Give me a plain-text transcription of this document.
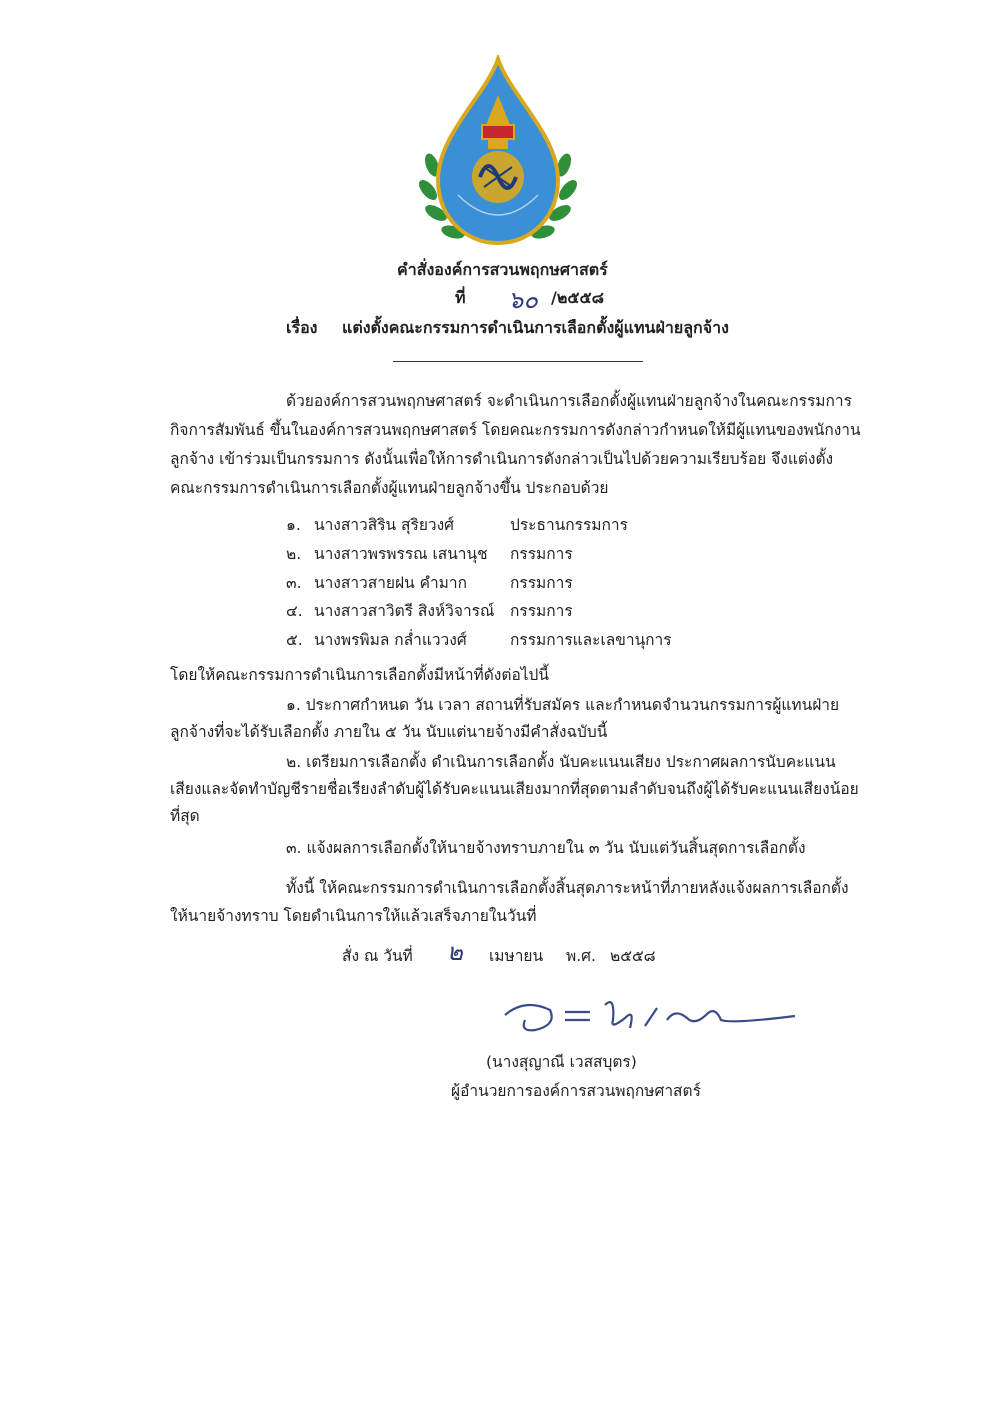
คำสั่งองค์การสวนพฤกษศาสตร์
ที่ ๖๐ /๒๕๕๘
เรื่อง แต่งตั้งคณะกรรมการดำเนินการเลือกตั้งผู้แทนฝ่ายลูกจ้าง
ด้วยองค์การสวนพฤกษศาสตร์ จะดำเนินการเลือกตั้งผู้แทนฝ่ายลูกจ้างในคณะกรรมการ
กิจการสัมพันธ์ ขึ้นในองค์การสวนพฤกษศาสตร์ โดยคณะกรรมการดังกล่าวกำหนดให้มีผู้แทนของพนักงาน
ลูกจ้าง เข้าร่วมเป็นกรรมการ ดังนั้นเพื่อให้การดำเนินการดังกล่าวเป็นไปด้วยความเรียบร้อย จึงแต่งตั้ง
คณะกรรมการดำเนินการเลือกตั้งผู้แทนฝ่ายลูกจ้างขึ้น ประกอบด้วย
๑. นางสาวสิริน สุริยวงศ์	ประธานกรรมการ
๒. นางสาวพรพรรณ เสนานุช กรรมการ
๓. นางสาวสายฝน คำมาก	กรรมการ
๔. นางสาวสาวิตรี สิงห์วิจารณ์ กรรมการ
๕. นางพรพิมล กล่ำแววงศ์	กรรมการและเลขานุการ
โดยให้คณะกรรมการดำเนินการเลือกตั้งมีหน้าที่ดังต่อไปนี้
๑. ประกาศกำหนด วัน เวลา สถานที่รับสมัคร และกำหนดจำนวนกรรมการผู้แทนฝ่าย
ลูกจ้างที่จะได้รับเลือกตั้ง ภายใน ๕ วัน นับแต่นายจ้างมีคำสั่งฉบับนี้
๒. เตรียมการเลือกตั้ง ดำเนินการเลือกตั้ง นับคะแนนเสียง ประกาศผลการนับคะแนน
เสียงและจัดทำบัญชีรายชื่อเรียงลำดับผู้ได้รับคะแนนเสียงมากที่สุดตามลำดับจนถึงผู้ได้รับคะแนนเสียงน้อย
ที่สุด
๓. แจ้งผลการเลือกตั้งให้นายจ้างทราบภายใน ๓ วัน นับแต่วันสิ้นสุดการเลือกตั้ง
ทั้งนี้ ให้คณะกรรมการดำเนินการเลือกตั้งสิ้นสุดภาระหน้าที่ภายหลังแจ้งผลการเลือกตั้ง
ให้นายจ้างทราบ โดยดำเนินการให้แล้วเสร็จภายในวันที่
สั่ง ณ วันที่ ๒ เมษายน พ.ศ. ๒๕๕๘
(นางสุญาณี เวสสบุตร)
ผู้อำนวยการองค์การสวนพฤกษศาสตร์
